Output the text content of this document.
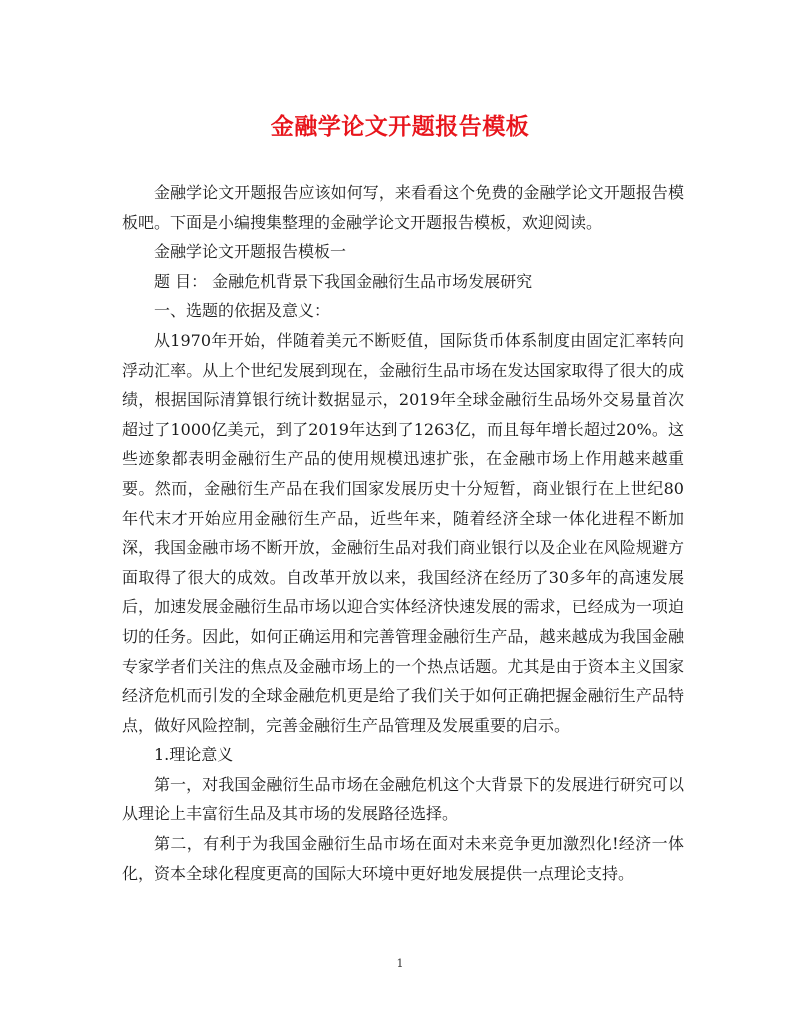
金融学论文开题报告模板

金融学论文开题报告应该如何写，来看看这个免费的金融学论文开题报告模板吧。下面是小编搜集整理的金融学论文开题报告模板，欢迎阅读。

金融学论文开题报告模板一

题 目： 金融危机背景下我国金融衍生品市场发展研究

一、选题的依据及意义：

从1970年开始，伴随着美元不断贬值，国际货币体系制度由固定汇率转向浮动汇率。从上个世纪发展到现在，金融衍生品市场在发达国家取得了很大的成绩，根据国际清算银行统计数据显示，2019年全球金融衍生品场外交易量首次超过了1000亿美元，到了2019年达到了1263亿，而且每年增长超过20%。这些迹象都表明金融衍生产品的使用规模迅速扩张，在金融市场上作用越来越重要。然而，金融衍生产品在我们国家发展历史十分短暂，商业银行在上世纪80年代末才开始应用金融衍生产品，近些年来，随着经济全球一体化进程不断加深，我国金融市场不断开放，金融衍生品对我们商业银行以及企业在风险规避方面取得了很大的成效。自改革开放以来，我国经济在经历了30多年的高速发展后，加速发展金融衍生品市场以迎合实体经济快速发展的需求，已经成为一项迫切的任务。因此，如何正确运用和完善管理金融衍生产品，越来越成为我国金融专家学者们关注的焦点及金融市场上的一个热点话题。尤其是由于资本主义国家经济危机而引发的全球金融危机更是给了我们关于如何正确把握金融衍生产品特点，做好风险控制，完善金融衍生产品管理及发展重要的启示。

1.理论意义

第一，对我国金融衍生品市场在金融危机这个大背景下的发展进行研究可以从理论上丰富衍生品及其市场的发展路径选择。

第二，有利于为我国金融衍生品市场在面对未来竞争更加激烈化!经济一体化，资本全球化程度更高的国际大环境中更好地发展提供一点理论支持。

1
